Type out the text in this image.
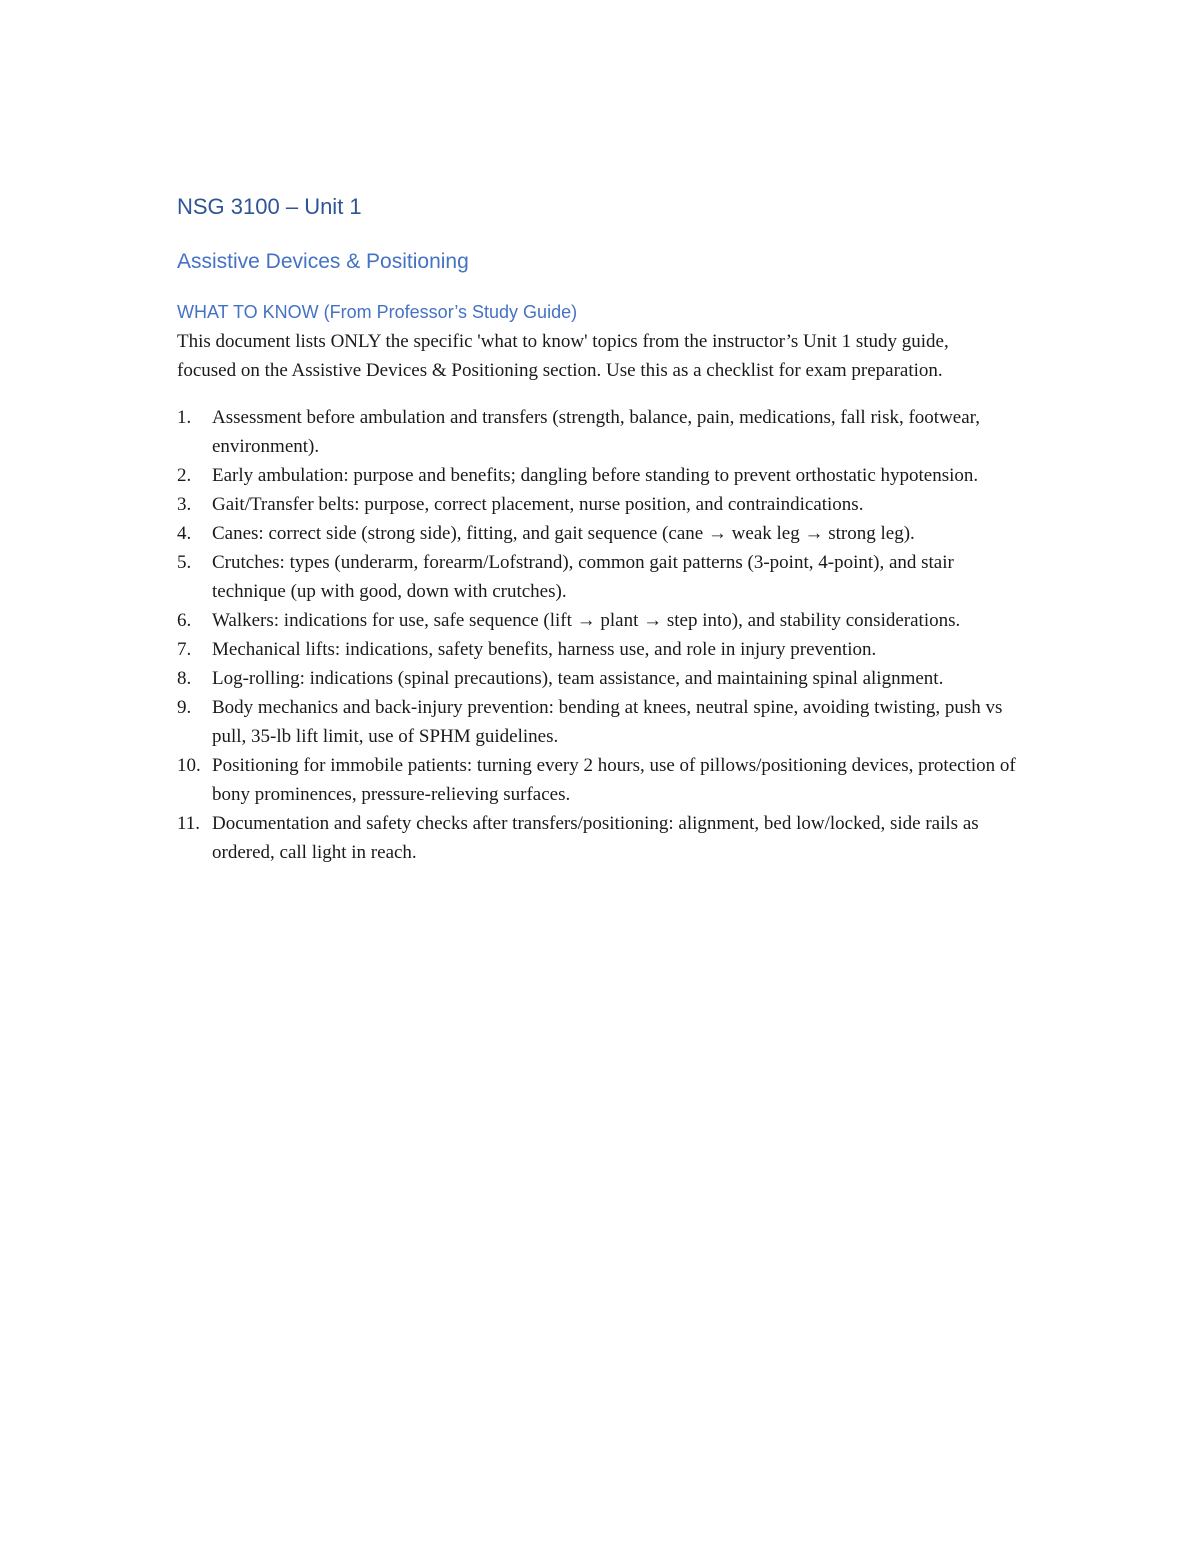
NSG 3100 – Unit 1
Assistive Devices & Positioning
WHAT TO KNOW (From Professor’s Study Guide)

This document lists ONLY the specific 'what to know' topics from the instructor’s Unit 1 study guide, focused on the Assistive Devices & Positioning section. Use this as a checklist for exam preparation.

1.	Assessment before ambulation and transfers (strength, balance, pain, medications, fall risk, footwear, environment).
2.	Early ambulation: purpose and benefits; dangling before standing to prevent orthostatic hypotension.
3.	Gait/Transfer belts: purpose, correct placement, nurse position, and contraindications.
4.	Canes: correct side (strong side), fitting, and gait sequence (cane → weak leg → strong leg).
5.	Crutches: types (underarm, forearm/Lofstrand), common gait patterns (3-point, 4-point), and stair technique (up with good, down with crutches).
6.	Walkers: indications for use, safe sequence (lift → plant → step into), and stability considerations.
7.	Mechanical lifts: indications, safety benefits, harness use, and role in injury prevention.
8.	Log-rolling: indications (spinal precautions), team assistance, and maintaining spinal alignment.
9.	Body mechanics and back-injury prevention: bending at knees, neutral spine, avoiding twisting, push vs pull, 35-lb lift limit, use of SPHM guidelines.
10. Positioning for immobile patients: turning every 2 hours, use of pillows/positioning devices, protection of bony prominences, pressure-relieving surfaces.
11. Documentation and safety checks after transfers/positioning: alignment, bed low/locked, side rails as ordered, call light in reach.
